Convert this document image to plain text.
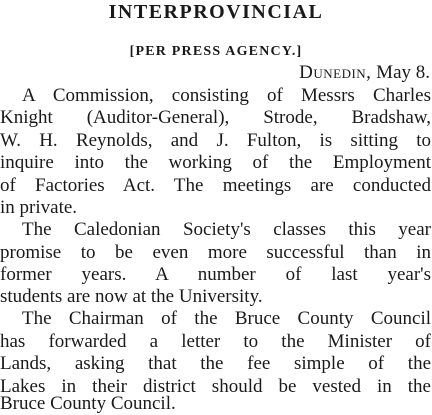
INTERPROVINCIAL
[PER PRESS AGENCY.]
Dunedin, May 8.
A Commission, consisting of Messrs Charles
Knight (Auditor-General), Strode, Bradshaw,
W. H. Reynolds, and J. Fulton, is sitting to
inquire into the working of the Employment
of Factories Act. The meetings are conducted
in private.
The Caledonian Society's classes this year
promise to be even more successful than in
former years. A number of last year's
students are now at the University.
The Chairman of the Bruce County Council
has forwarded a letter to the Minister of
Lands, asking that the fee simple of the
Lakes in their district should be vested in the
Bruce County Council.
